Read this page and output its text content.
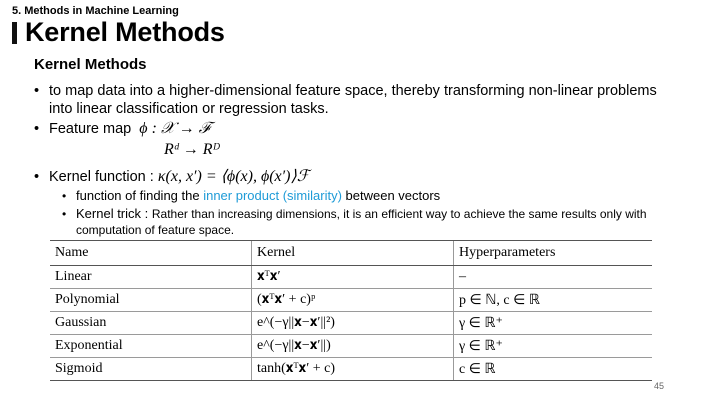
5. Methods in Machine Learning
Kernel Methods
Kernel Methods
• to map data into a higher-dimensional feature space, thereby transforming non-linear problems into linear classification or regression tasks.
• Feature map ϕ : 𝒳 → ℱ
Rᵈ → Rᴰ
• Kernel function : κ(x, x′) = ⟨ϕ(x), ϕ(x′)⟩ℱ
• function of finding the inner product (similarity) between vectors
• Kernel trick : Rather than increasing dimensions, it is an efficient way to achieve the same results only with computation of feature space.
Name	Kernel	Hyperparameters
Linear	𝐱ᵀ𝐱′	–
Polynomial	(𝐱ᵀ𝐱′ + c)ᵖ	p ∈ ℕ, c ∈ ℝ
Gaussian	e^(−γ||𝐱−𝐱′||²)	γ ∈ ℝ⁺
Exponential	e^(−γ||𝐱−𝐱′||)	γ ∈ ℝ⁺
Sigmoid	tanh(𝐱ᵀ𝐱′ + c)	c ∈ ℝ
45
